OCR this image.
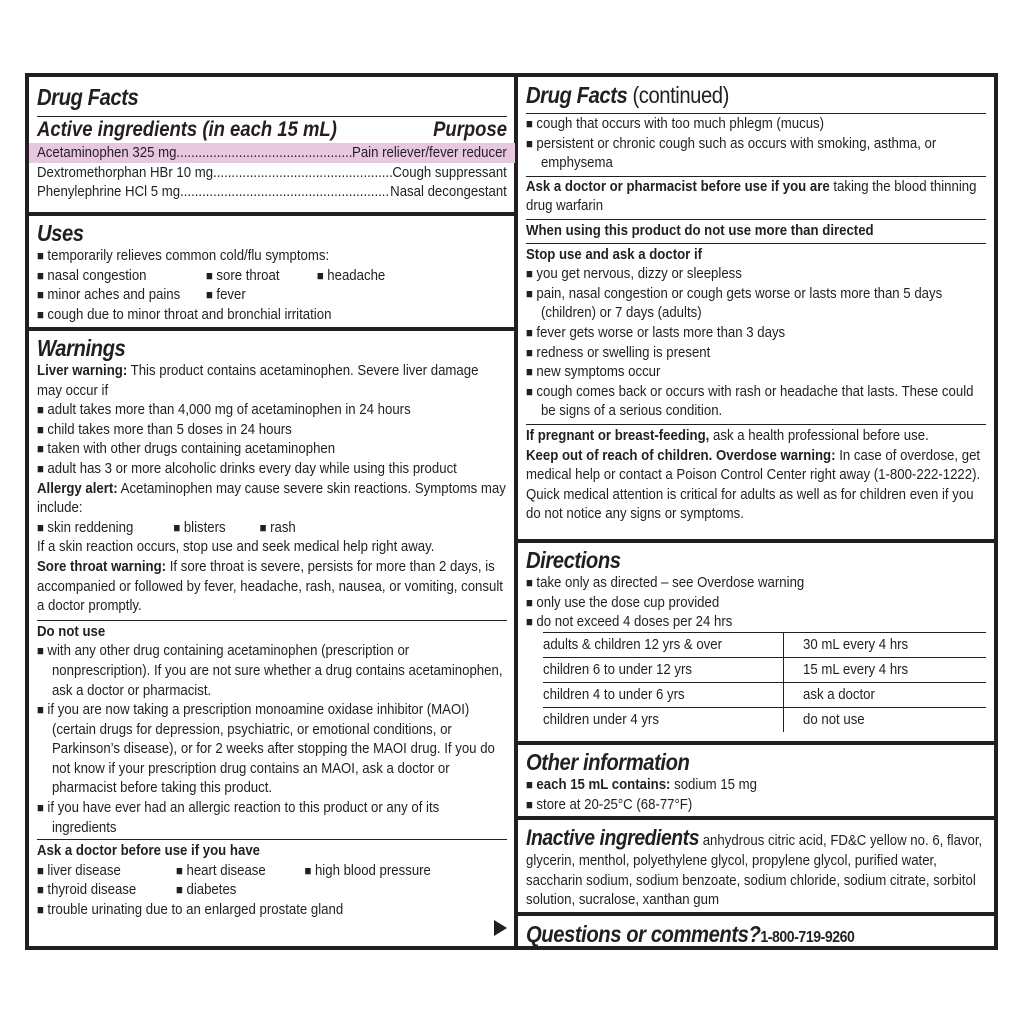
Drug Facts
Active ingredients (in each 15 mL)	Purpose
Acetaminophen 325 mg .....	Pain reliever/fever reducer
Dextromethorphan HBr 10 mg .....	Cough suppressant
Phenylephrine HCl 5 mg .....	Nasal decongestant
Uses
■ temporarily relieves common cold/flu symptoms:
■ nasal congestion	■ sore throat	■ headache
■ minor aches and pains	■ fever
■ cough due to minor throat and bronchial irritation
Warnings
Liver warning: This product contains acetaminophen. Severe liver damage may occur if
■ adult takes more than 4,000 mg of acetaminophen in 24 hours
■ child takes more than 5 doses in 24 hours
■ taken with other drugs containing acetaminophen
■ adult has 3 or more alcoholic drinks every day while using this product
Allergy alert: Acetaminophen may cause severe skin reactions. Symptoms may include:
■ skin reddening	■ blisters	■ rash
If a skin reaction occurs, stop use and seek medical help right away.
Sore throat warning: If sore throat is severe, persists for more than 2 days, is accompanied or followed by fever, headache, rash, nausea, or vomiting, consult a doctor promptly.
Do not use
■ with any other drug containing acetaminophen (prescription or nonprescription). If you are not sure whether a drug contains acetaminophen, ask a doctor or pharmacist.
■ if you are now taking a prescription monoamine oxidase inhibitor (MAOI) (certain drugs for depression, psychiatric, or emotional conditions, or Parkinson’s disease), or for 2 weeks after stopping the MAOI drug. If you do not know if your prescription drug contains an MAOI, ask a doctor or pharmacist before taking this product.
■ if you have ever had an allergic reaction to this product or any of its ingredients
Ask a doctor before use if you have
■ liver disease	■ heart disease	■ high blood pressure
■ thyroid disease	■ diabetes
■ trouble urinating due to an enlarged prostate gland
Drug Facts (continued)
■ cough that occurs with too much phlegm (mucus)
■ persistent or chronic cough such as occurs with smoking, asthma, or emphysema
Ask a doctor or pharmacist before use if you are taking the blood thinning drug warfarin
When using this product do not use more than directed
Stop use and ask a doctor if
■ you get nervous, dizzy or sleepless
■ pain, nasal congestion or cough gets worse or lasts more than 5 days (children) or 7 days (adults)
■ fever gets worse or lasts more than 3 days
■ redness or swelling is present
■ new symptoms occur
■ cough comes back or occurs with rash or headache that lasts. These could be signs of a serious condition.
If pregnant or breast-feeding, ask a health professional before use.
Keep out of reach of children. Overdose warning: In case of overdose, get medical help or contact a Poison Control Center right away (1-800-222-1222). Quick medical attention is critical for adults as well as for children even if you do not notice any signs or symptoms.
Directions
■ take only as directed – see Overdose warning
■ only use the dose cup provided
■ do not exceed 4 doses per 24 hrs
adults & children 12 yrs & over	30 mL every 4 hrs
children 6 to under 12 yrs	15 mL every 4 hrs
children 4 to under 6 yrs	ask a doctor
children under 4 yrs	do not use
Other information
■ each 15 mL contains: sodium 15 mg
■ store at 20-25°C (68-77°F)
Inactive ingredients anhydrous citric acid, FD&C yellow no. 6, flavor, glycerin, menthol, polyethylene glycol, propylene glycol, purified water, saccharin sodium, sodium benzoate, sodium chloride, sodium citrate, sorbitol solution, sucralose, xanthan gum
Questions or comments?1-800-719-9260
